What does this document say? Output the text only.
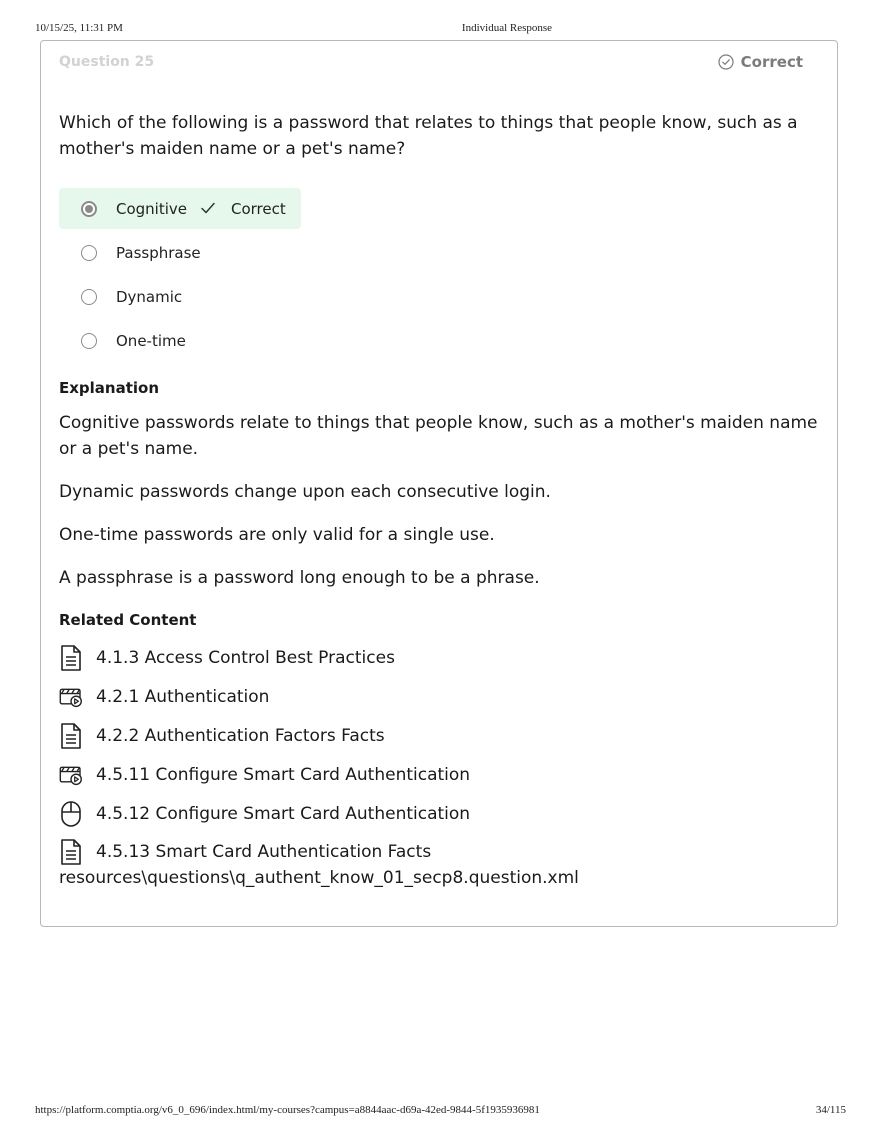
10/15/25, 11:31 PM	Individual Response
Question 25	Correct
Which of the following is a password that relates to things that people know, such as a mother's maiden name or a pet's name?
Cognitive	Correct
Passphrase
Dynamic
One-time
Explanation
Cognitive passwords relate to things that people know, such as a mother's maiden name or a pet's name.
Dynamic passwords change upon each consecutive login.
One-time passwords are only valid for a single use.
A passphrase is a password long enough to be a phrase.
Related Content
4.1.3 Access Control Best Practices
4.2.1 Authentication
4.2.2 Authentication Factors Facts
4.5.11 Configure Smart Card Authentication
4.5.12 Configure Smart Card Authentication
4.5.13 Smart Card Authentication Facts
resources\questions\q_authent_know_01_secp8.question.xml
https://platform.comptia.org/v6_0_696/index.html/my-courses?campus=a8844aac-d69a-42ed-9844-5f1935936981	34/115
